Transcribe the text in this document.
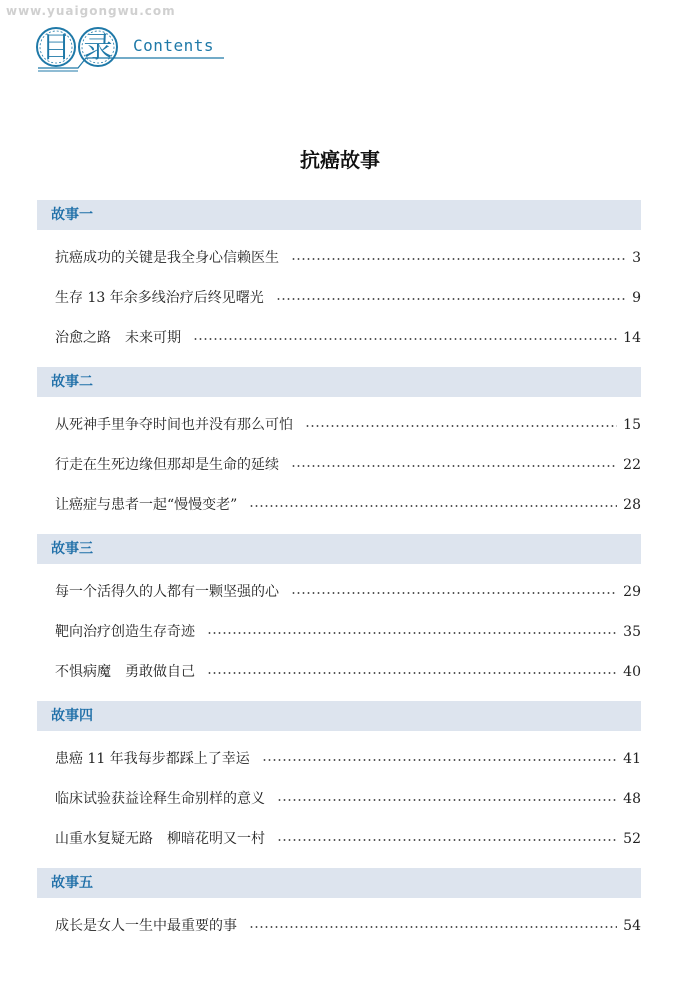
www.yuaigongwu.com
目 录 Contents
抗癌故事
故事一
抗癌成功的关键是我全身心信赖医生	3
生存 13 年余多线治疗后终见曙光	9
治愈之路　未来可期	14
故事二
从死神手里争夺时间也并没有那么可怕	15
行走在生死边缘但那却是生命的延续	22
让癌症与患者一起“慢慢变老”	28
故事三
每一个活得久的人都有一颗坚强的心	29
靶向治疗创造生存奇迹	35
不惧病魔　勇敢做自己	40
故事四
患癌 11 年我每步都踩上了幸运	41
临床试验获益诠释生命别样的意义	48
山重水复疑无路　柳暗花明又一村	52
故事五
成长是女人一生中最重要的事	54
